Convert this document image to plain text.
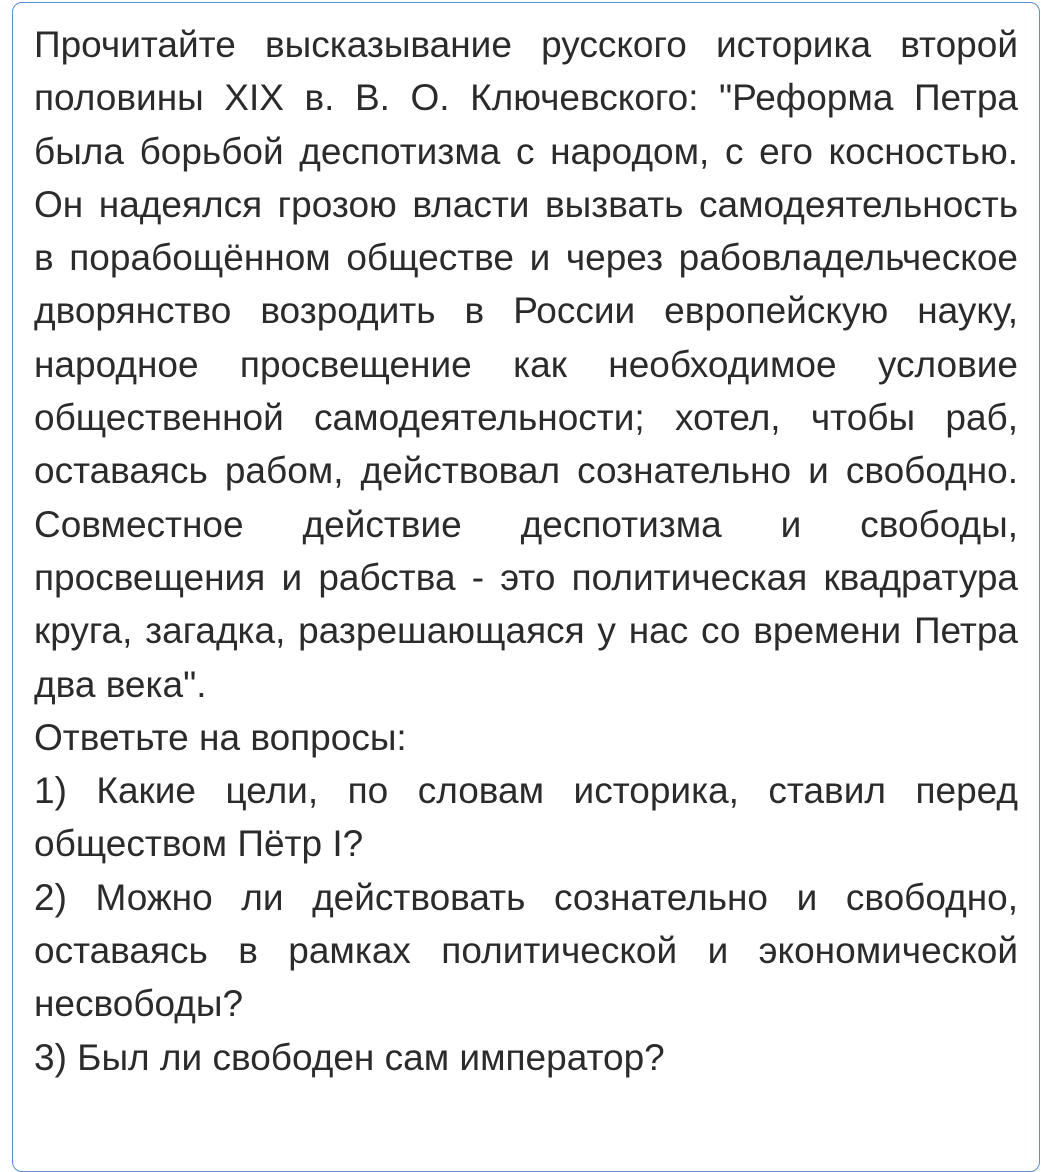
Прочитайте высказывание русского историка второй половины XIX в. В. О. Ключевского: "Реформа Петра была борьбой деспотизма с народом, с его косностью. Он надеялся грозою власти вызвать самодеятельность в порабощённом обществе и через рабовладельческое дворянство возродить в России европейскую науку, народное просвещение как необходимое условие общественной самодеятельности; хотел, чтобы раб, оставаясь рабом, действовал сознательно и свободно. Совместное действие деспотизма и свободы, просвещения и рабства - это политическая квадратура круга, загадка, разрешающаяся у нас со времени Петра два века".

Ответьте на вопросы:

1) Какие цели, по словам историка, ставил перед обществом Пётр I?

2) Можно ли действовать сознательно и свободно, оставаясь в рамках политической и экономической несвободы?

3) Был ли свободен сам император?
